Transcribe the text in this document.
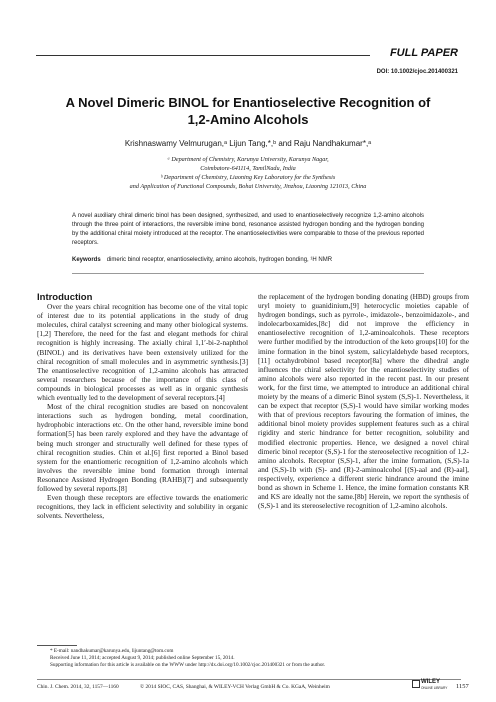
FULL PAPER
DOI: 10.1002/cjoc.201400321
A Novel Dimeric BINOL for Enantioselective Recognition of
1,2-Amino Alcohols
Krishnaswamy Velmurugan,ᵃ Lijun Tang,*,ᵇ and Raju Nandhakumar*,ᵃ
ᵃ Department of Chemistry, Karunya University, Karunya Nagar,
Coimbatore-641114, TamilNadu, India
ᵇ Department of Chemistry, Liaoning Key Laboratory for the Synthesis
and Application of Functional Compounds, Bohai University, Jinzhou, Liaoning 121013, China
A novel auxiliary chiral dimeric binol has been designed, synthesized, and used to enantioselectively recognize 1,2-amino alcohols through the three point of interactions, the reversible imine bond, resonance assisted hydrogen bonding and the hydrogen bonding by the additional chiral moiety introduced at the receptor. The enantioselectivities were comparable to those of the previous reported receptors.
Keywords dimeric binol receptor, enantioselectivity, amino alcohols, hydrogen bonding, ¹H NMR

Introduction

Over the years chiral recognition has become one of the vital topic of interest due to its potential applications in the study of drug molecules, chiral catalyst screening and many other biological systems.[1,2] Therefore, the need for the fast and elegant methods for chiral recognition is highly increasing. The axially chiral 1,1′-bi-2-naphthol (BINOL) and its derivatives have been extensively utilized for the chiral recognition of small molecules and in asymmetric synthesis.[3] The enantioselective recognition of 1,2-amino alcohols has attracted several researchers because of the importance of this class of compounds in biological processes as well as in organic synthesis which eventually led to the development of several receptors.[4]

Most of the chiral recognition studies are based on noncovalent interactions such as hydrogen bonding, metal coordination, hydrophobic interactions etc. On the other hand, reversible imine bond formation[5] has been rarely explored and they have the advantage of being much stronger and structurally well defined for these types of chiral recognition studies. Chin et al.[6] first reported a Binol based system for the enantiomeric recognition of 1,2-amino alcohols which involves the reversible imine bond formation through internal Resonance Assisted Hydrogen Bonding (RAHB)[7] and subsequently followed by several reports.[8]

Even though these receptors are effective towards the enatiomeric recognitions, they lack in efficient selectivity and solubility in organic solvents. Nevertheless,

the replacement of the hydrogen bonding donating (HBD) groups from uryl moiety to guanidinium,[9] heterocyclic moieties capable of hydrogen bondings, such as pyrrole-, imidazole-, benzoimidazole-, and indolecarboxamides,[8c] did not improve the efficiency in enantioselective recognition of 1,2-aminoalcohols. These receptors were further modified by the introduction of the keto groups[10] for the imine formation in the binol system, salicylaldehyde based receptors,[11] octahydrobinol based receptor[8a] where the dihedral angle influences the chiral selectivity for the enantioselectivity studies of amino alcohols were also reported in the recent past. In our present work, for the first time, we attempted to introduce an additional chiral moiety by the means of a dimeric Binol system (S,S)-1. Nevertheless, it can be expect that receptor (S,S)-1 would have similar working modes with that of previous receptors favouring the formation of imines, the additional binol moiety provides supplement features such as a chiral rigidity and steric hindrance for better recognition, solubility and modified electronic properties. Hence, we designed a novel chiral dimeric binol receptor (S,S)-1 for the stereoselective recognition of 1,2-amino alcohols. Receptor (S,S)-1, after the imine formation, (S,S)-1a and (S,S)-1b with (S)- and (R)-2-aminoalcohol [(S)-aal and (R)-aal], respectively, experience a different steric hindrance around the imine bond as shown in Scheme 1. Hence, the imine formation constants KR and KS are ideally not the same.[8b] Herein, we report the synthesis of (S,S)-1 and its stereoselective recognition of 1,2-amino alcohols.

* E-mail: nandhakumar@karunya.edu, lijuntang@tom.com
Received June 11, 2014; accepted August 9, 2014; published online September 15, 2014.
Supporting information for this article is available on the WWW under http://dx.doi.org/10.1002/cjoc.201400321 or from the author.
Chin. J. Chem. 2014, 32, 1157—1160	© 2014 SIOC, CAS, Shanghai, & WILEY-VCH Verlag GmbH & Co. KGaA, Weinheim
WILEY
ONLINE LIBRARY 1157
